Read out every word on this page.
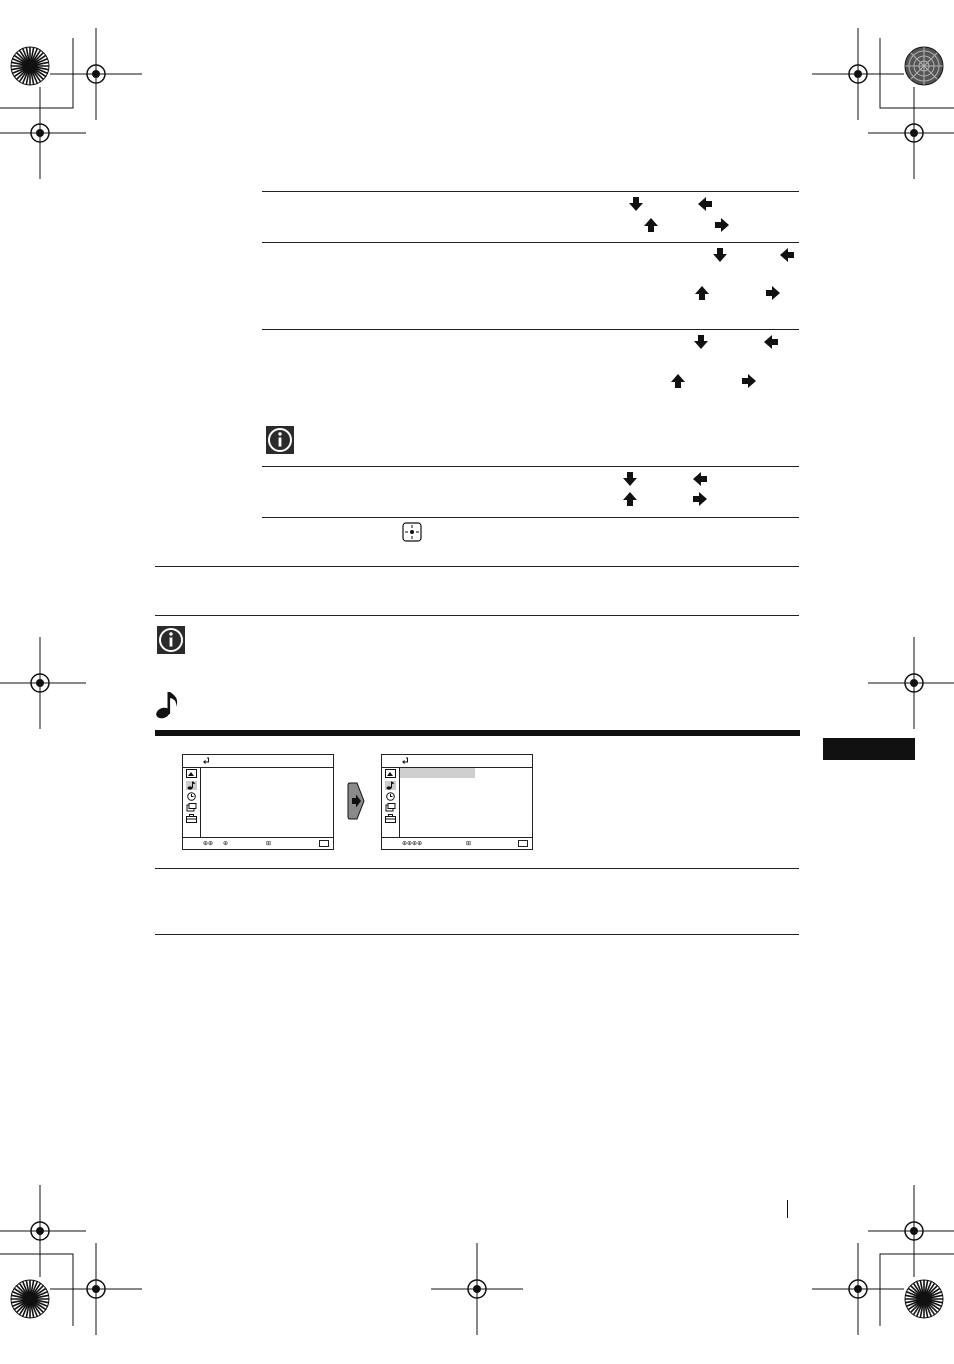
⊕⊕ ⊕	⊞	⊕⊕⊕⊕	⊞
